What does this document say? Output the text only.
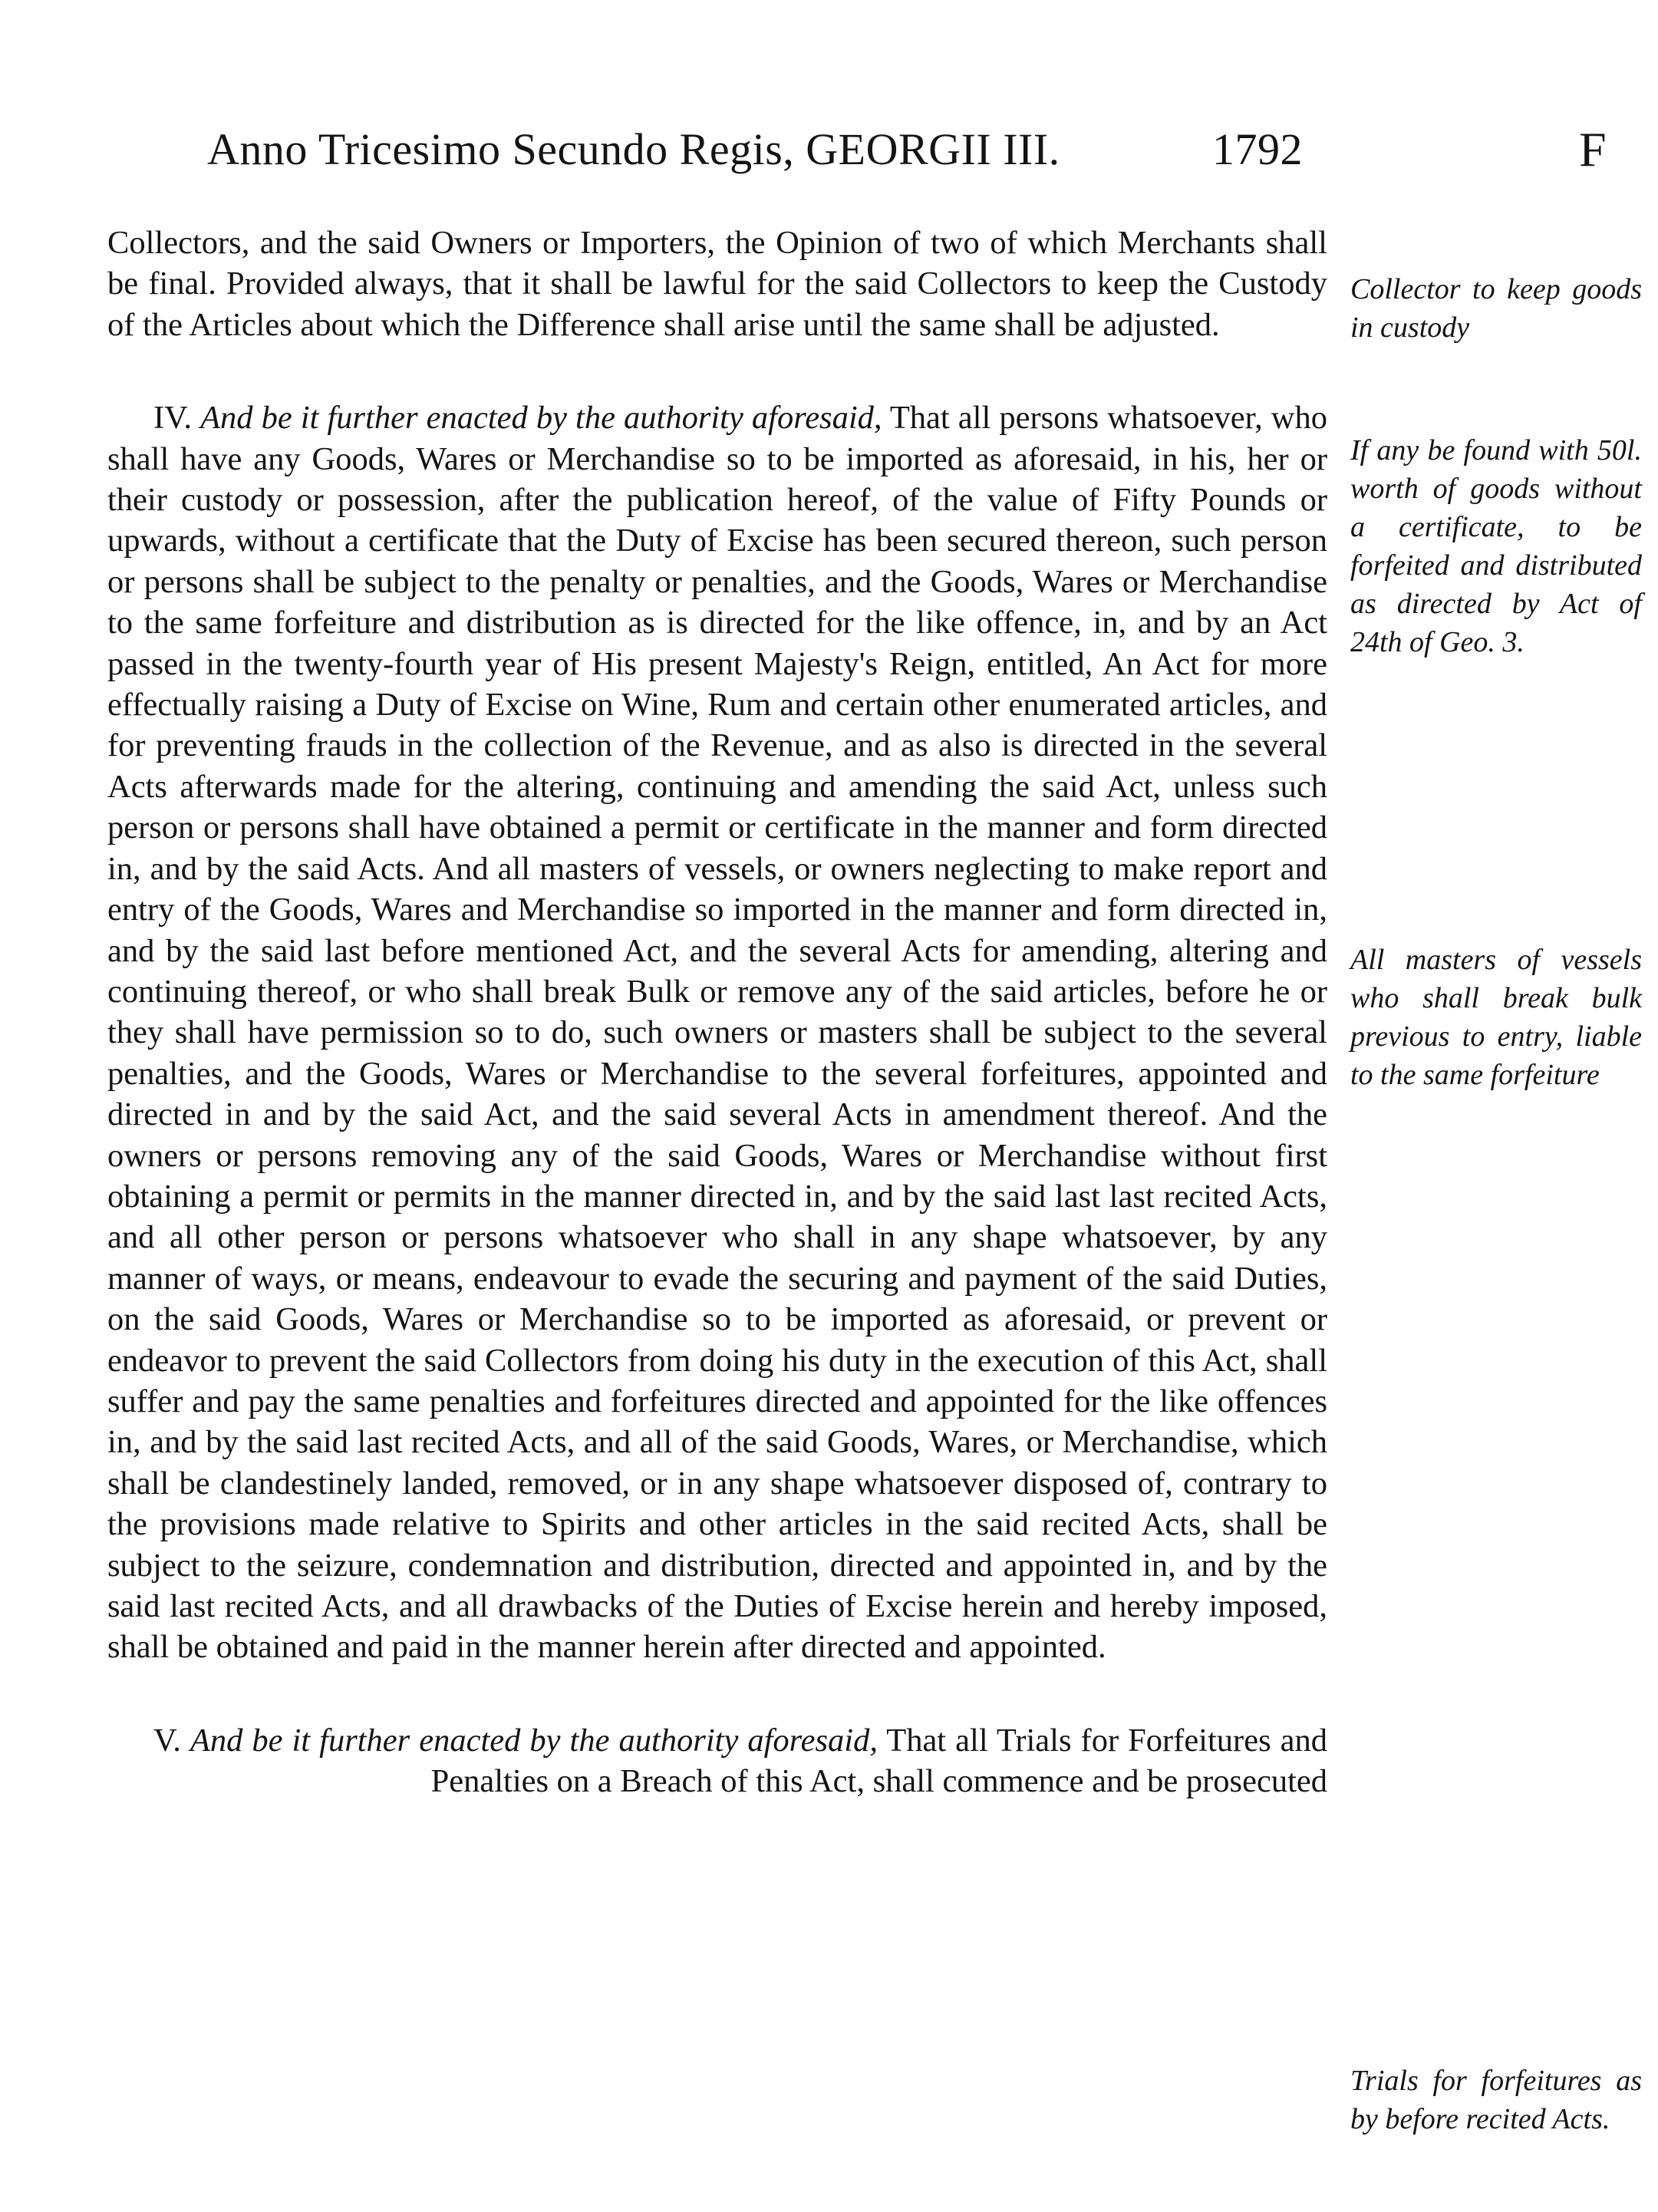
Anno Tricesimo Secundo Regis, GEORGII III.	1792	F

Collectors, and the said Owners or Importers, the Opinion of two of which Merchants shall be final. Provided always, that it shall be lawful for the said Collectors to keep the Custody of the Articles about which the Difference shall arise until the same shall be adjusted.

IV. And be it further enacted by the authority aforesaid, That all persons whatsoever, who shall have any Goods, Wares or Merchandise so to be imported as aforesaid, in his, her or their custody or possession, after the publication hereof, of the value of Fifty Pounds or upwards, without a certificate that the Duty of Excise has been secured thereon, such person or persons shall be subject to the penalty or penalties, and the Goods, Wares or Merchandise to the same forfeiture and distribution as is directed for the like offence, in, and by an Act passed in the twenty-fourth year of His present Majesty's Reign, entitled, An Act for more effectually raising a Duty of Excise on Wine, Rum and certain other enumerated articles, and for preventing frauds in the collection of the Revenue, and as also is directed in the several Acts afterwards made for the altering, continuing and amending the said Act, unless such person or persons shall have obtained a permit or certificate in the manner and form directed in, and by the said Acts. And all masters of vessels, or owners neglecting to make report and entry of the Goods, Wares and Merchandise so imported in the manner and form directed in, and by the said last before mentioned Act, and the several Acts for amending, altering and continuing thereof, or who shall break Bulk or remove any of the said articles, before he or they shall have permission so to do, such owners or masters shall be subject to the several penalties, and the Goods, Wares or Merchandise to the several forfeitures, appointed and directed in and by the said Act, and the said several Acts in amendment thereof. And the owners or persons removing any of the said Goods, Wares or Merchandise without first obtaining a permit or permits in the manner directed in, and by the said last last recited Acts, and all other person or persons whatsoever who shall in any shape whatsoever, by any manner of ways, or means, endeavour to evade the securing and payment of the said Duties, on the said Goods, Wares or Merchandise so to be imported as aforesaid, or prevent or endeavor to prevent the said Collectors from doing his duty in the execution of this Act, shall suffer and pay the same penalties and forfeitures directed and appointed for the like offences in, and by the said last recited Acts, and all of the said Goods, Wares, or Merchandise, which shall be clandestinely landed, removed, or in any shape whatsoever disposed of, contrary to the provisions made relative to Spirits and other articles in the said recited Acts, shall be subject to the seizure, condemnation and distribution, directed and appointed in, and by the said last recited Acts, and all drawbacks of the Duties of Excise herein and hereby imposed, shall be obtained and paid in the manner herein after directed and appointed.

V. And be it further enacted by the authority aforesaid, That all Trials for Forfeitures and Penalties on a Breach of this Act, shall commence and be prosecuted

Collector to keep goods in custody
If any be found with 50l. worth of goods without a certificate, to be forfeited and distributed as directed by Act of 24th of Geo. 3.
All masters of vessels who shall break bulk previous to entry, liable to the same forfeiture
Trials for forfeitures as by before recited Acts.
